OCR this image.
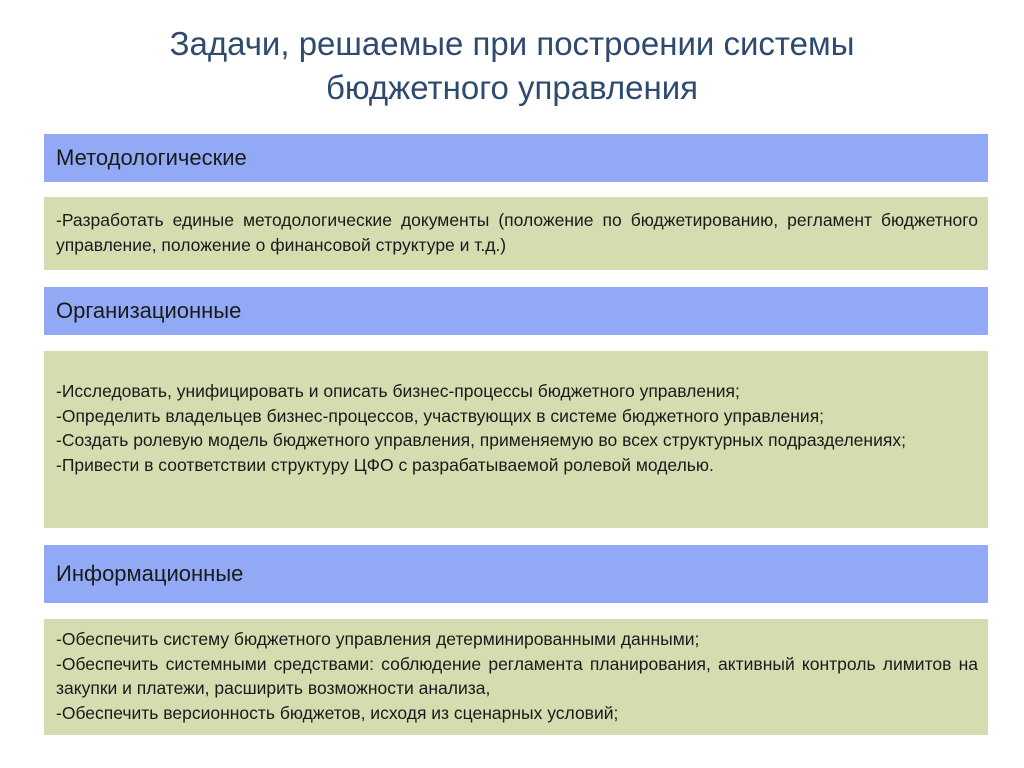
Задачи, решаемые при построении системы
бюджетного управления
Методологические
-Разработать единые методологические документы (положение по бюджетированию, регламент бюджетного управление, положение о финансовой структуре и т.д.)
Организационные
-Исследовать, унифицировать и описать бизнес-процессы бюджетного управления;
-Определить владельцев бизнес-процессов, участвующих в системе бюджетного управления;
-Создать ролевую модель бюджетного управления, применяемую во всех структурных подразделениях;
-Привести в соответствии структуру ЦФО с разрабатываемой ролевой моделью.
Информационные
-Обеспечить систему бюджетного управления детерминированными данными;
-Обеспечить системными средствами: соблюдение регламента планирования, активный контроль лимитов на закупки и платежи, расширить возможности анализа,
-Обеспечить версионность бюджетов, исходя из сценарных условий;
